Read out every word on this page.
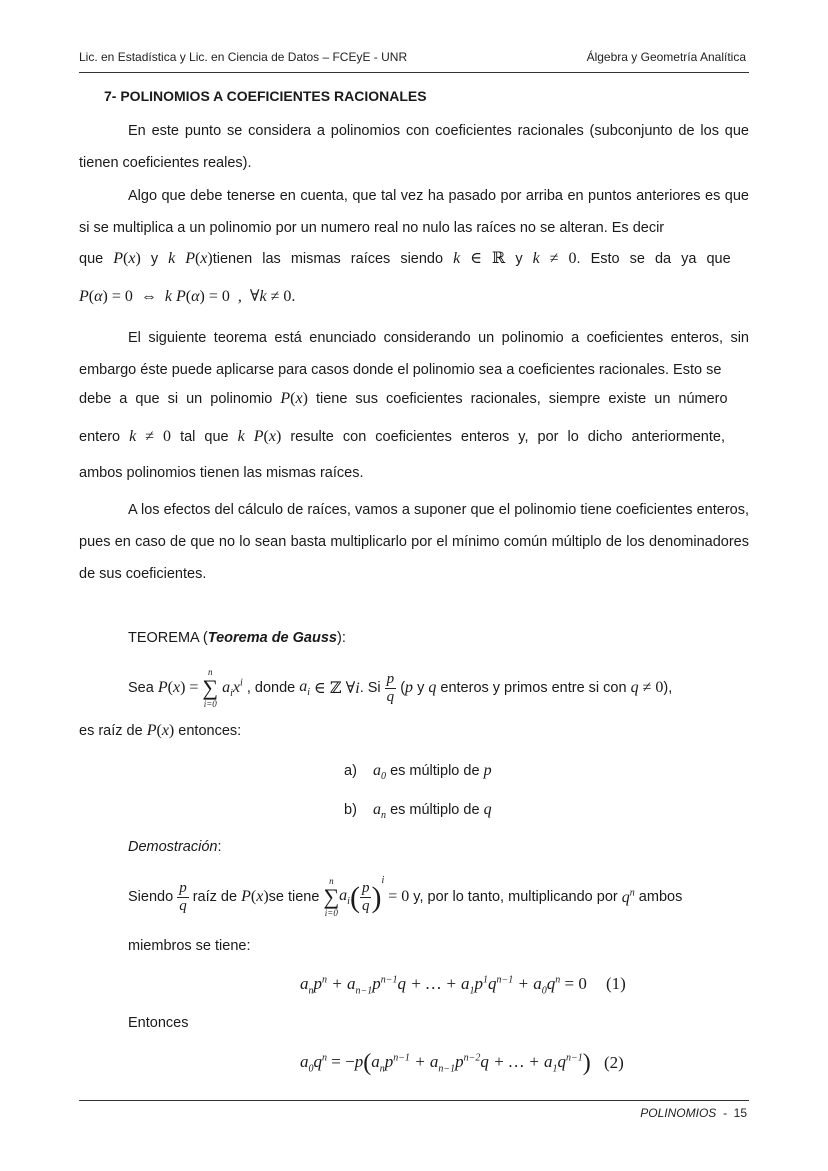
Lic. en Estadística y Lic. en Ciencia de Datos – FCEyE - UNR	Álgebra y Geometría Analítica
7- POLINOMIOS A COEFICIENTES RACIONALES
En este punto se considera a polinomios con coeficientes racionales (subconjunto de los que tienen coeficientes reales).
Algo que debe tenerse en cuenta, que tal vez ha pasado por arriba en puntos anteriores es que si se multiplica a un polinomio por un numero real no nulo las raíces no se alteran. Es decir
que P(x) y k P(x)tienen las mismas raíces siendo k ∈ ℝ y k ≠ 0. Esto se da ya que
P(α) = 0  ⇔  k P(α) = 0  ,  ∀k ≠ 0.
El siguiente teorema está enunciado considerando un polinomio a coeficientes enteros, sin embargo éste puede aplicarse para casos donde el polinomio sea a coeficientes racionales. Esto se
debe a que si un polinomio P(x) tiene sus coeficientes racionales, siempre existe un número
entero k ≠ 0 tal que k P(x) resulte con coeficientes enteros y, por lo dicho anteriormente,
ambos polinomios tienen las mismas raíces.
A los efectos del cálculo de raíces, vamos a suponer que el polinomio tiene coeficientes enteros, pues en caso de que no lo sean basta multiplicarlo por el mínimo común múltiplo de los denominadores de sus coeficientes.
TEOREMA (Teorema de Gauss):
Sea P(x) =
n
∑
i=0
$a_ix^i$ , donde $a_i$ ∈ ℤ ∀i. Si $\frac{p}{q} (p$ y q enteros y primos entre si con q ≠ 0),
es raíz de P(x) entonces:
a) $a_0$ es múltiplo de p
b) $a_n$ es múltiplo de q
Demostración:
Siendo $\frac{p}{q}$ raíz de P(x)se tiene
n
∑
i=0
$a_i( \frac{p}{q} )^i = 0$ y, por lo tanto, multiplicando por $q^n$ ambos
miembros se tiene:
$a_np^n + a_{n-1}p^{n-1}q$ + … + $a_1p^1q^{n-1} + a_0q^n = 0$ (1)
Entonces
$a_0q^n = -p(a_np^{n-1} + a_{n-1}p^{n-2}q$ + … + $a_1q^{n-1}$) (2)
POLINOMIOS - 15
